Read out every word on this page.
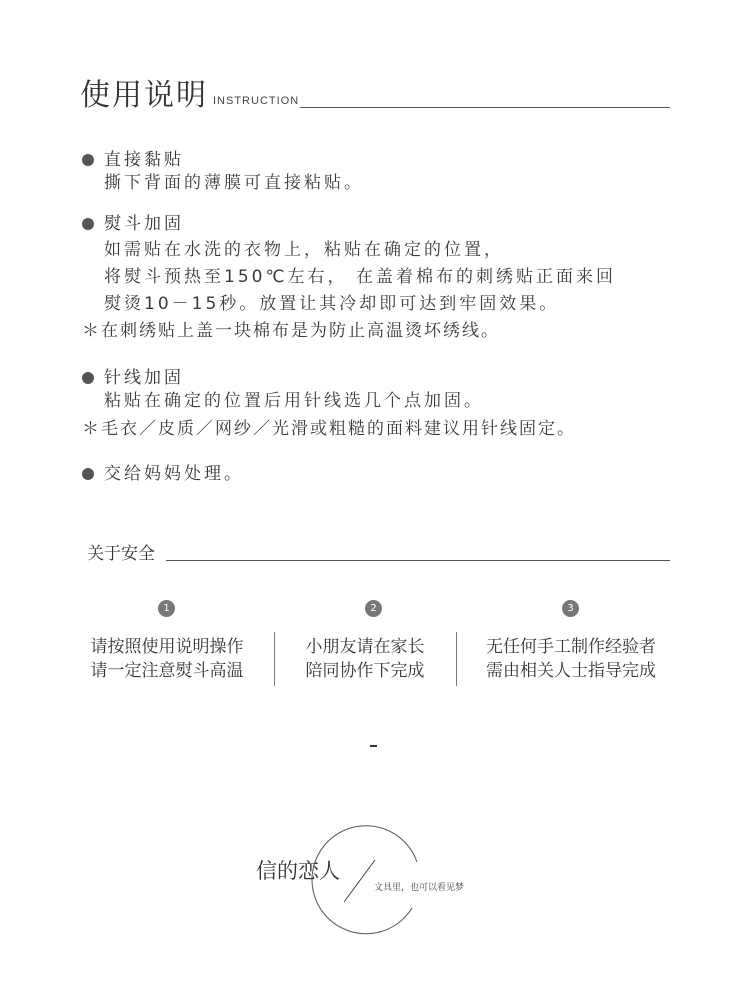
使用说明 INSTRUCTION
直接黏贴
撕下背面的薄膜可直接粘贴。
熨斗加固
如需贴在水洗的衣物上，粘贴在确定的位置，
将熨斗预热至150℃左右， 在盖着棉布的刺绣贴正面来回
熨烫10－15秒。放置让其冷却即可达到牢固效果。
＊在刺绣贴上盖一块棉布是为防止高温烫坏绣线。
针线加固
粘贴在确定的位置后用针线选几个点加固。
＊毛衣／皮质／网纱／光滑或粗糙的面料建议用针线固定。
交给妈妈处理。
关于安全
1	2	3
请按照使用说明操作
请一定注意熨斗高温
小朋友请在家长
陪同协作下完成
无任何手工制作经验者
需由相关人士指导完成
信的恋人
文具里，也可以看见梦
